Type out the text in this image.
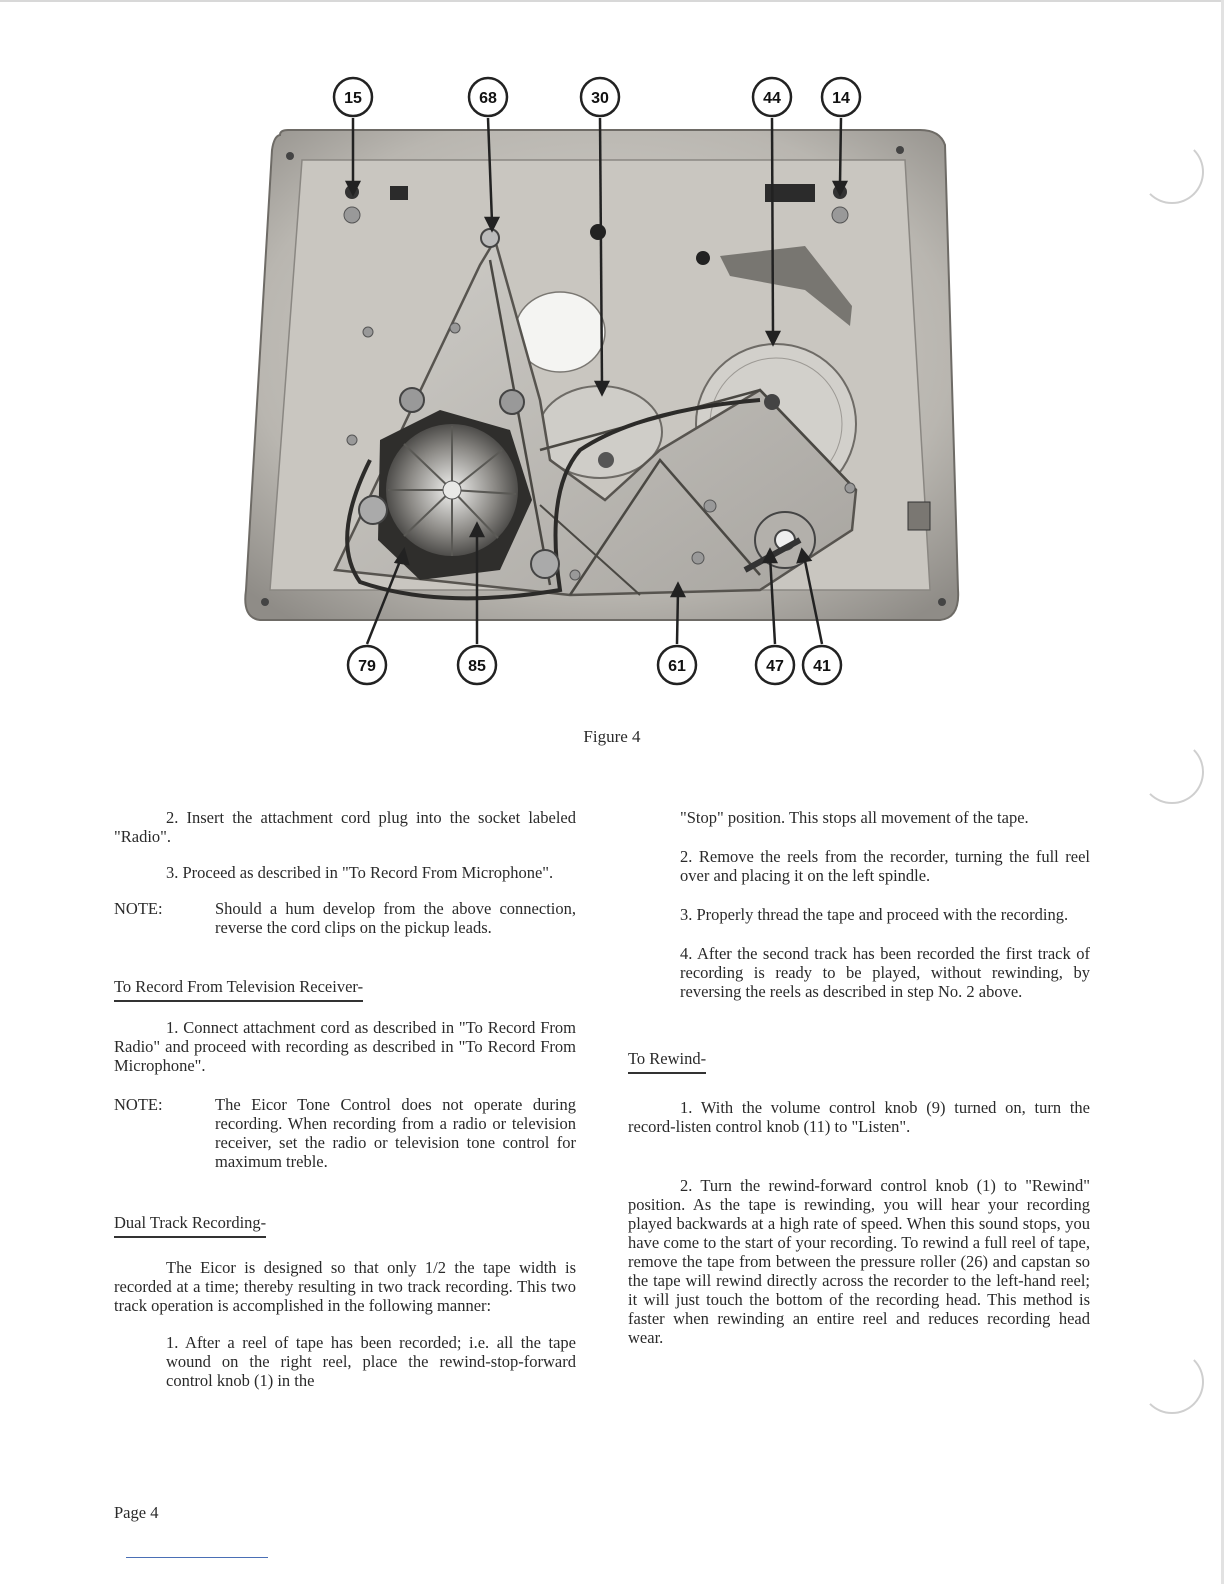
15	68	30	44	14
79	85	61	47 41
Figure 4

2. Insert the attachment cord plug into the socket labeled "Radio".

3. Proceed as described in "To Record From Microphone".

NOTE:	Should a hum develop from the above connection, reverse the cord clips on the pickup leads.
To Record From Television Receiver-

1. Connect attachment cord as described in "To Record From Radio" and proceed with recording as described in "To Record From Microphone".

NOTE:	The Eicor Tone Control does not operate during recording. When recording from a radio or television receiver, set the radio or television tone control for maximum treble.
Dual Track Recording-

The Eicor is designed so that only 1/2 the tape width is recorded at a time; thereby resulting in two track recording. This two track operation is accomplished in the following manner:

1. After a reel of tape has been recorded; i.e. all the tape wound on the right reel, place the rewind-stop-forward control knob (1) in the

"Stop" position. This stops all movement of the tape.

2. Remove the reels from the recorder, turning the full reel over and placing it on the left spindle.

3. Properly thread the tape and proceed with the recording.

4. After the second track has been recorded the first track of recording is ready to be played, without rewinding, by reversing the reels as described in step No. 2 above.

To Rewind-

1. With the volume control knob (9) turned on, turn the record-listen control knob (11) to "Listen".

2. Turn the rewind-forward control knob (1) to "Rewind" position. As the tape is rewinding, you will hear your recording played backwards at a high rate of speed. When this sound stops, you have come to the start of your recording. To rewind a full reel of tape, remove the tape from between the pressure roller (26) and capstan so the tape will rewind directly across the recorder to the left-hand reel; it will just touch the bottom of the recording head. This method is faster when rewinding an entire reel and reduces recording head wear.

Page 4
